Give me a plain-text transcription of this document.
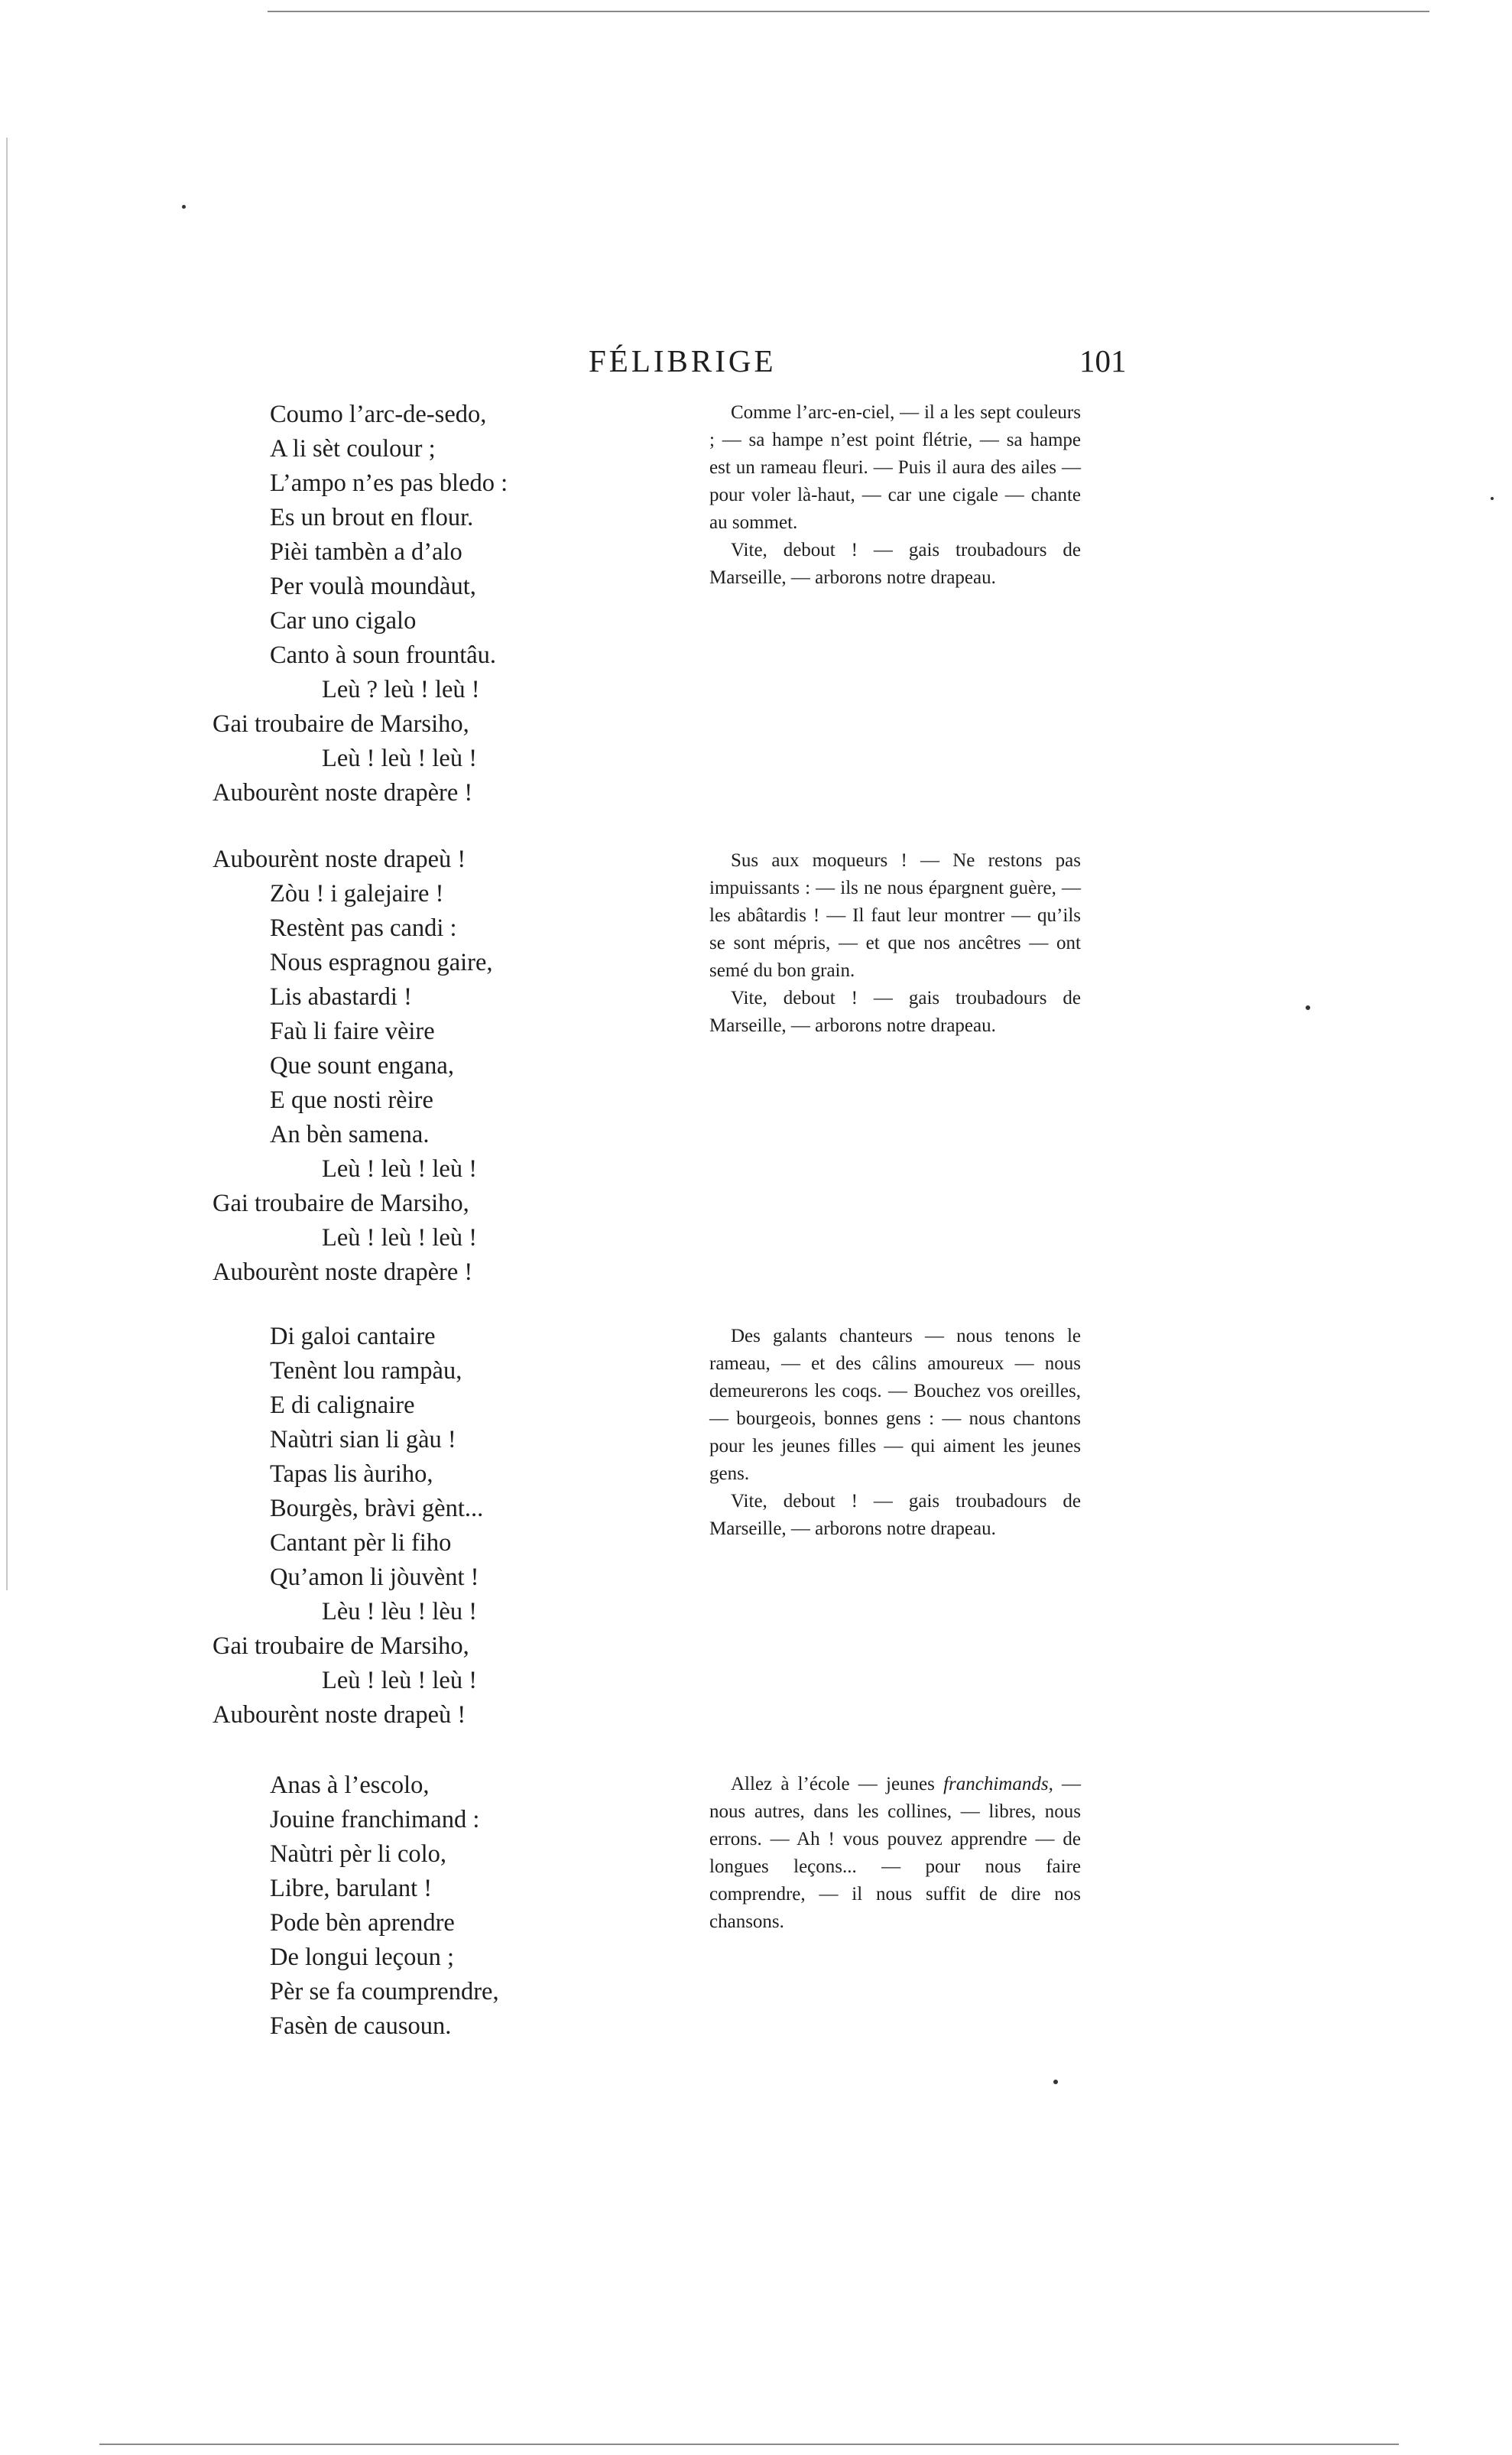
FÉLIBRIGE	101
Coumo l’arc-de-sedo,
A li sèt coulour ;
L’ampo n’es pas bledo :
Es un brout en flour.
Pièi tambèn a d’alo
Per voulà moundàut,
Car uno cigalo
Canto à soun frountâu.
Leù ? leù ! leù !
Gai troubaire de Marsiho,
Leù ! leù ! leù !
Aubourènt noste drapère !
Aubourènt noste drapeù !
Zòu ! i galejaire !
Restènt pas candi :
Nous espragnou gaire,
Lis abastardi !
Faù li faire vèire
Que sount engana,
E que nosti rèire
An bèn samena.
Leù ! leù ! leù !
Gai troubaire de Marsiho,
Leù ! leù ! leù !
Aubourènt noste drapère !
Di galoi cantaire
Tenènt lou rampàu,
E di calignaire
Naùtri sian li gàu !
Tapas lis àuriho,
Bourgès, bràvi gènt...
Cantant pèr li fiho
Qu’amon li jòuvènt !
Lèu ! lèu ! lèu !
Gai troubaire de Marsiho,
Leù ! leù ! leù !
Aubourènt noste drapeù !
Anas à l’escolo,
Jouine franchimand :
Naùtri pèr li colo,
Libre, barulant !
Pode bèn aprendre
De longui leçoun ;
Pèr se fa coumprendre,
Fasèn de causoun.

Comme l’arc-en-ciel, — il a les sept couleurs ; — sa hampe n’est point flétrie, — sa hampe est un rameau fleuri. — Puis il aura des ailes — pour voler là-haut, — car une cigale — chante au sommet.

Vite, debout ! — gais troubadours de Marseille, — arborons notre drapeau.

Sus aux moqueurs ! — Ne restons pas impuissants : — ils ne nous épargnent guère, — les abâtardis ! — Il faut leur montrer — qu’ils se sont mépris, — et que nos ancêtres — ont semé du bon grain.

Vite, debout ! — gais troubadours de Marseille, — arborons notre drapeau.

Des galants chanteurs — nous tenons le rameau, — et des câlins amoureux — nous demeurerons les coqs. — Bouchez vos oreilles, — bourgeois, bonnes gens : — nous chantons pour les jeunes filles — qui aiment les jeunes gens.

Vite, debout ! — gais troubadours de Marseille, — arborons notre drapeau.

Allez à l’école — jeunes franchimands, — nous autres, dans les collines, — libres, nous errons. — Ah ! vous pouvez apprendre — de longues leçons... — pour nous faire comprendre, — il nous suffit de dire nos chansons.
